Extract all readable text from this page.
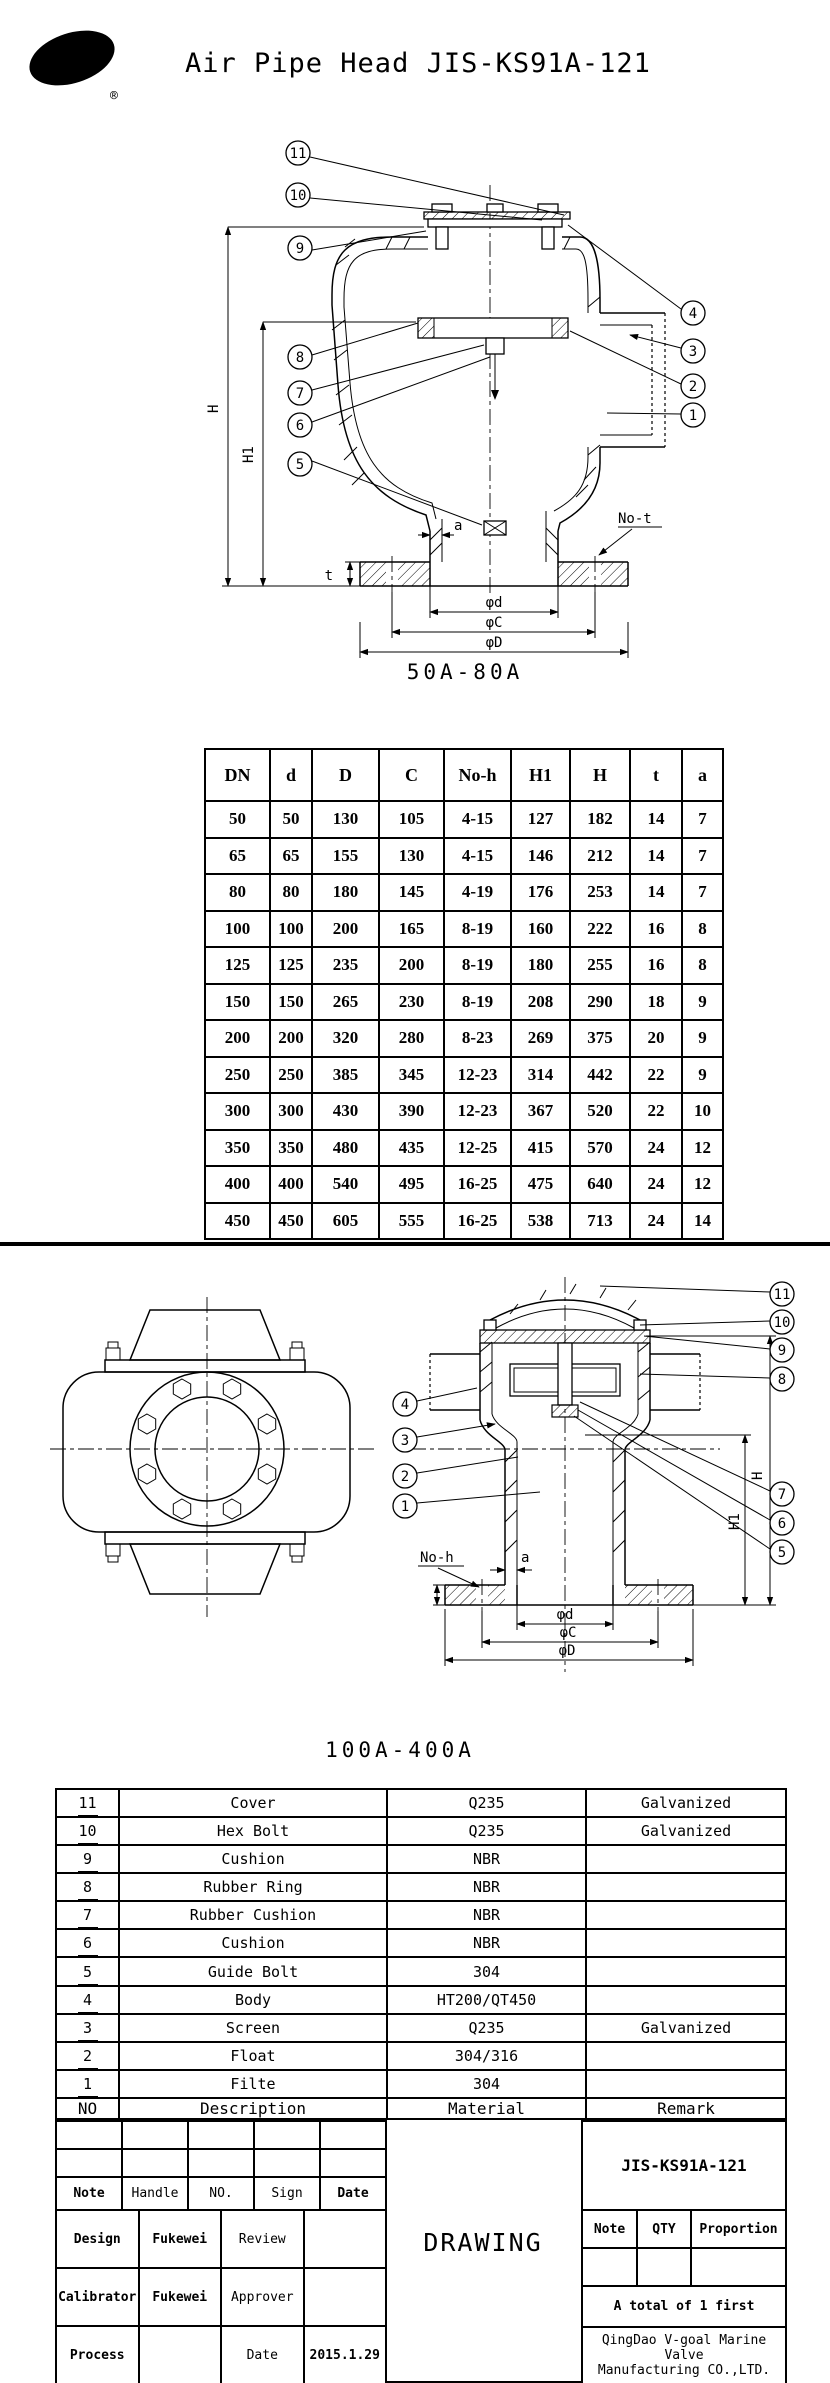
VG
®
Air Pipe Head JIS-KS91A-121
H
H1
t
a	No-t
φd
φC
φD
11
10
9
8
7
6
5
4
3
2
1
50A-80A
DN	d	D	C	No-h	H1	H	t	a
50	50	130	105	4-15	127	182	14	7
65	65	155	130	4-15	146	212	14	7
80	80	180	145	4-19	176	253	14	7
100	100	200	165	8-19	160	222	16	8
125	125	235	200	8-19	180	255	16	8
150	150	265	230	8-19	208	290	18	9
200	200	320	280	8-23	269	375	20	9
250	250	385	345	12-23	314	442	22	9
300	300	430	390	12-23	367	520	22	10
350	350	480	435	12-25	415	570	24	12
400	400	540	495	16-25	475	640	24	12
450	450	605	555	16-25	538	713	24	14
No-h	a
φd
φC
φD
H
H1
11
10
9
8
7
6
5
4
3
2
1
100A-400A
11	Cover	Q235	Galvanized
10	Hex Bolt	Q235	Galvanized
9	Cushion	NBR	
8	Rubber Ring	NBR	
7	Rubber Cushion	NBR	
6	Cushion	NBR	
5	Guide Bolt	304	
4	Body	HT200/QT450	
3	Screen	Q235	Galvanized
2	Float	304/316	
1	Filte	304	
NO	Description	Material	Remark

Note	Handle		NO.		Sign		Date
Design		Fukewei		Review			
Calibrator		Fukewei		Approver			
Process				Date		2015.1.29	
DRAWING
JIS-KS91A-121		
Note	QTY	Proportion

A total of 1 first		

QingDao V-goal Marine Valve
Manufacturing CO.,LTD.		
